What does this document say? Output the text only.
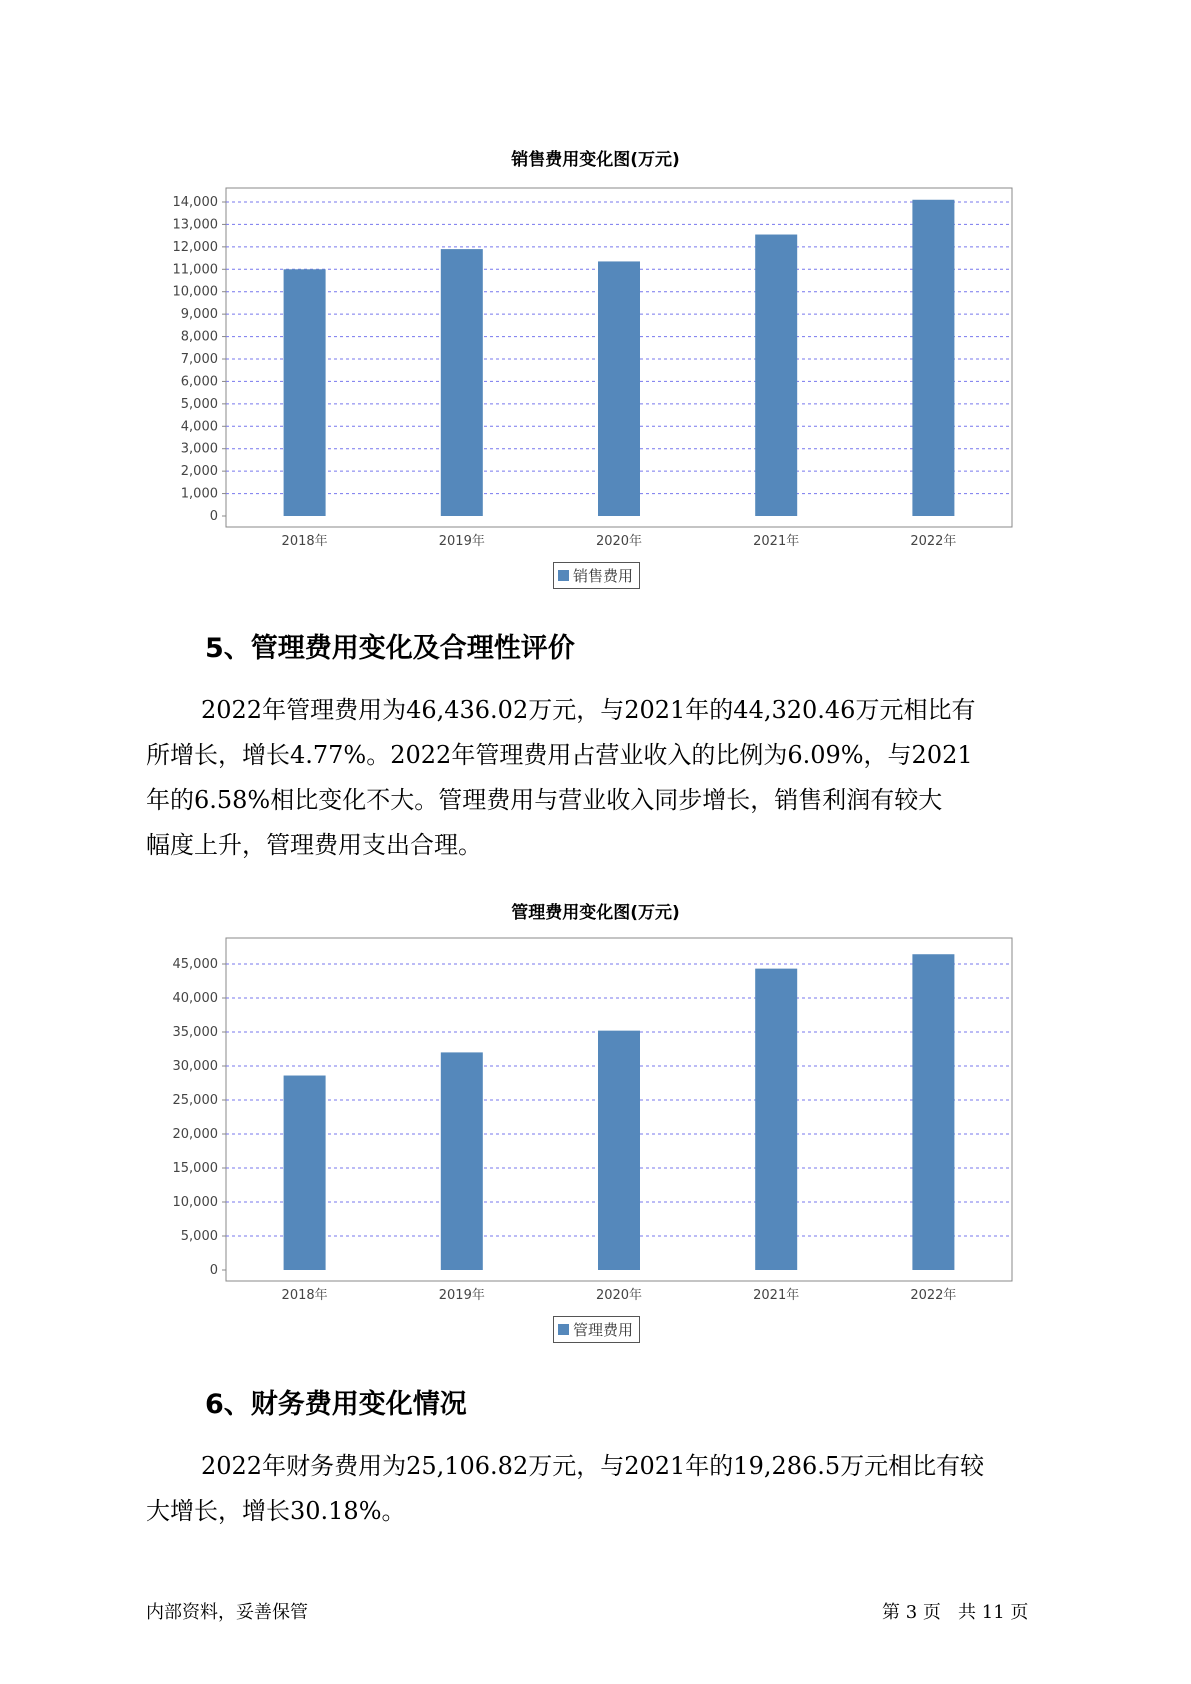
销售费用变化图(万元)
0
1,000
2,000
3,000
4,000
5,000
6,000
7,000
8,000
9,000
10,000
11,000
12,000
13,000
14,000
2018年	2019年	2020年	2021年	2022年
销售费用
5、管理费用变化及合理性评价
2022年管理费用为46,436.02万元，与2021年的44,320.46万元相比有
所增长，增长4.77%。2022年管理费用占营业收入的比例为6.09%，与2021
年的6.58%相比变化不大。管理费用与营业收入同步增长，销售利润有较大
幅度上升，管理费用支出合理。
管理费用变化图(万元)
0
5,000
10,000
15,000
20,000
25,000
30,000
35,000
40,000
45,000
2018年	2019年	2020年	2021年	2022年
管理费用
6、财务费用变化情况
2022年财务费用为25,106.82万元，与2021年的19,286.5万元相比有较
大增长，增长30.18%。
内部资料，妥善保管	第 3 页   共 11 页
